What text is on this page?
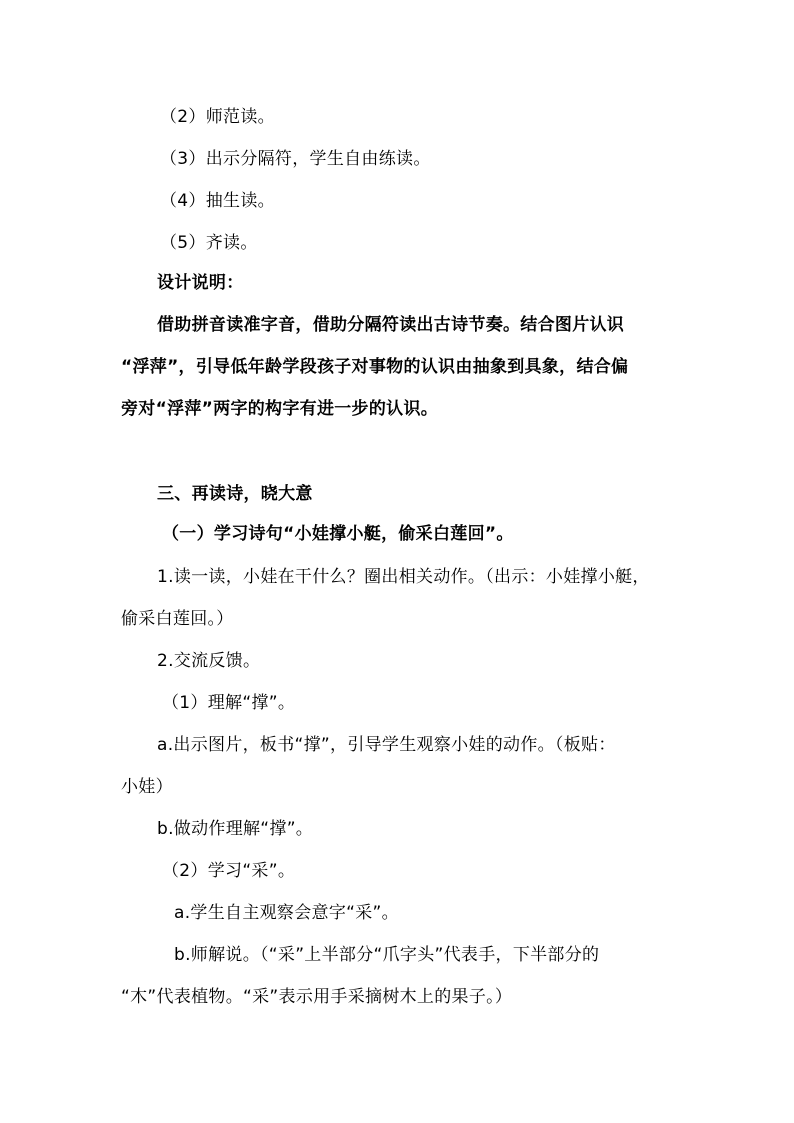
（2）师范读。
（3）出示分隔符，学生自由练读。
（4）抽生读。
（5）齐读。
设计说明：
借助拼音读准字音，借助分隔符读出古诗节奏。结合图片认识
“浮萍”，引导低年龄学段孩子对事物的认识由抽象到具象，结合偏
旁对“浮萍”两字的构字有进一步的认识。
三、再读诗，晓大意
（一）学习诗句“小娃撑小艇，偷采白莲回”。
1.读一读，小娃在干什么？圈出相关动作。（出示：小娃撑小艇，
偷采白莲回。）
2.交流反馈。
（1）理解“撑”。
a.出示图片，板书“撑”，引导学生观察小娃的动作。（板贴：
小娃）
b.做动作理解“撑”。
（2）学习“采”。
a.学生自主观察会意字“采”。
b.师解说。（“采”上半部分“爪字头”代表手，下半部分的
“木”代表植物。“采”表示用手采摘树木上的果子。）
